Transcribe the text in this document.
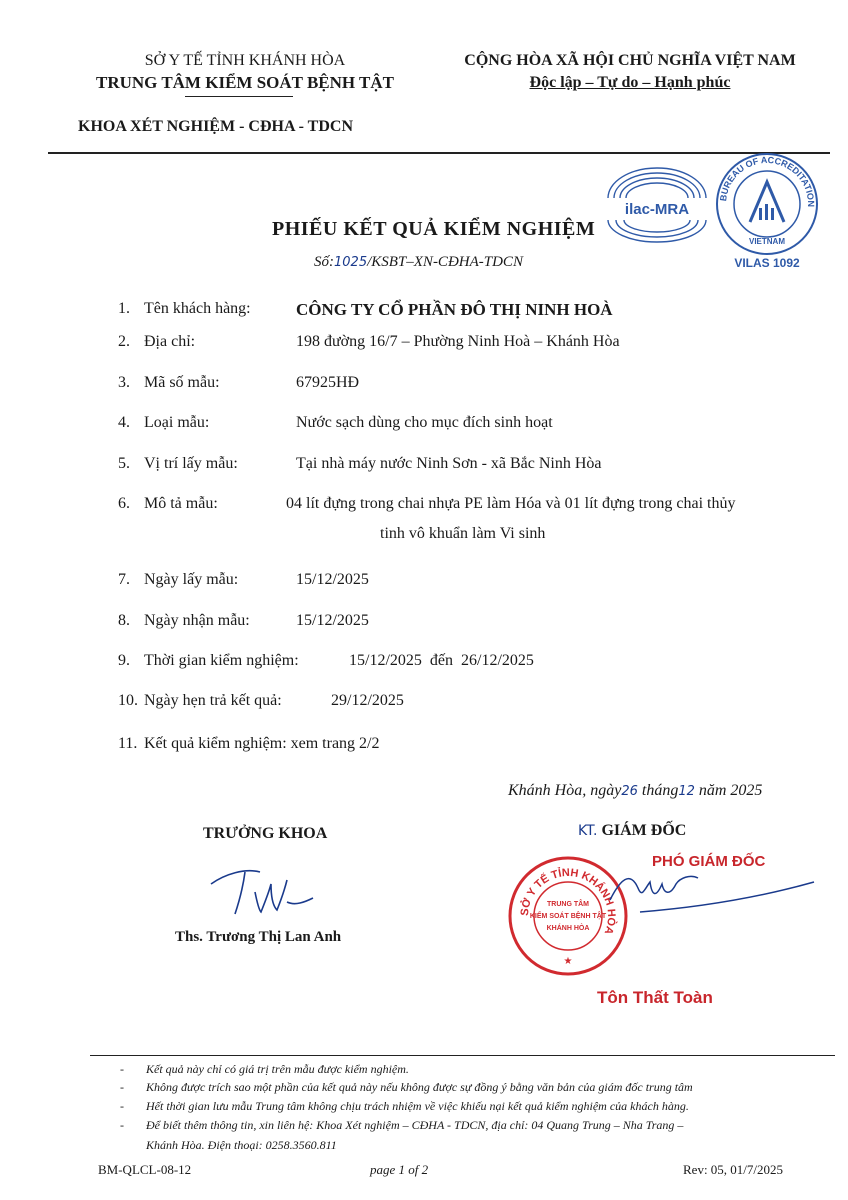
SỞ Y TẾ TỈNH KHÁNH HÒA
TRUNG TÂM KIỂM SOÁT BỆNH TẬT
CỘNG HÒA XÃ HỘI CHỦ NGHĨA VIỆT NAM
Độc lập – Tự do – Hạnh phúc
KHOA XÉT NGHIỆM - CĐHA - TDCN
ilac-MRA
BUREAU OF ACCREDITATION
VIETNAM
VILAS 1092
PHIẾU KẾT QUẢ KIỂM NGHIỆM
Số:1025/KSBT–XN-CĐHA-TDCN
1. Tên khách hàng:	CÔNG TY CỔ PHẦN ĐÔ THỊ NINH HOÀ
2. Địa chỉ:	198 đường 16/7 – Phường Ninh Hoà – Khánh Hòa
3. Mã số mẫu:	67925HĐ
4. Loại mẫu:	Nước sạch dùng cho mục đích sinh hoạt
5. Vị trí lấy mẫu:	Tại nhà máy nước Ninh Sơn - xã Bắc Ninh Hòa
6. Mô tả mẫu:	04 lít đựng trong chai nhựa PE làm Hóa và 01 lít đựng trong chai thủy
tinh vô khuẩn làm Vi sinh
7. Ngày lấy mẫu:	15/12/2025
8. Ngày nhận mẫu:	15/12/2025
9. Thời gian kiểm nghiệm:	15/12/2025  đến  26/12/2025
10. Ngày hẹn trả kết quả:	29/12/2025
11. Kết quả kiểm nghiệm: xem trang 2/2
Khánh Hòa, ngày26 tháng12 năm 2025
TRƯỞNG KHOA
Ths. Trương Thị Lan Anh
KT. GIÁM ĐỐC
PHÓ GIÁM ĐỐC
SỞ Y TẾ TỈNH KHÁNH HÒA
TRUNG TÂM
KIỂM SOÁT BỆNH TẬT
KHÁNH HÒA
★
Tôn Thất Toàn
- Kết quả này chỉ có giá trị trên mẫu được kiểm nghiệm.
- Không được trích sao một phần của kết quả này nếu không được sự đồng ý bằng văn bản của giám đốc trung tâm
- Hết thời gian lưu mẫu Trung tâm không chịu trách nhiệm về việc khiếu nại kết quả kiểm nghiệm của khách hàng.
- Để biết thêm thông tin, xin liên hệ: Khoa Xét nghiệm – CĐHA - TDCN, địa chỉ: 04 Quang Trung – Nha Trang –
Khánh Hòa. Điện thoại: 0258.3560.811
BM-QLCL-08-12	page 1 of 2	Rev: 05, 01/7/2025
